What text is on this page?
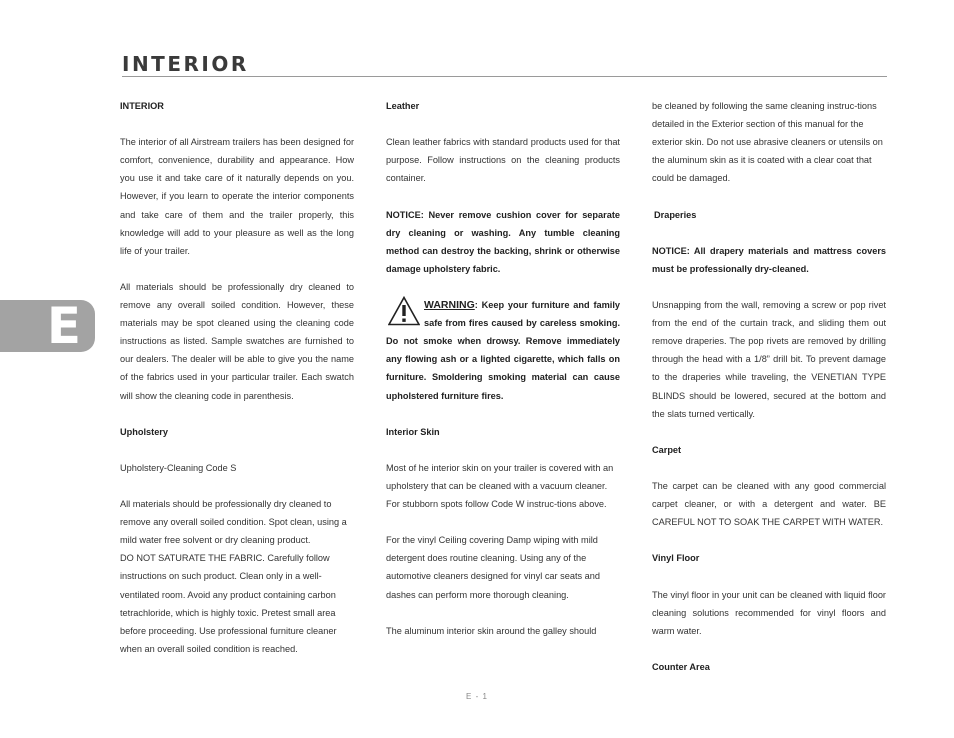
INTERIOR
E

INTERIOR

The interior of all Airstream trailers has been designed for comfort, convenience, durability and appearance. How you use it and take care of it naturally depends on you. However, if you learn to operate the interior components and take care of them and the trailer properly, this knowledge will add to your pleasure as well as the long life of your trailer.

All materials should be professionally dry cleaned to remove any overall soiled condition. However, these materials may be spot cleaned using the cleaning code instructions as listed. Sample swatches are furnished to our dealers. The dealer will be able to give you the name of the fabrics used in your particular trailer. Each swatch will show the cleaning code in parenthesis.

Upholstery

Upholstery-Cleaning Code S

All materials should be professionally dry cleaned to remove any overall soiled condition. Spot clean, using a mild water free solvent or dry cleaning product.

DO NOT SATURATE THE FABRIC. Carefully follow instructions on such product. Clean only in a well-ventilated room. Avoid any product containing carbon tetrachloride, which is highly toxic. Pretest small area before proceeding. Use professional furniture cleaner when an overall soiled condition is reached.

Leather

Clean leather fabrics with standard products used for that purpose. Follow instructions on the cleaning products container.

NOTICE: Never remove cushion cover for separate dry cleaning or washing. Any tumble cleaning method can destroy the backing, shrink or otherwise damage upholstery fabric.

WARNING: Keep your furniture and family safe from fires caused by careless smoking. Do not smoke when drowsy. Remove immediately any flowing ash or a lighted cigarette, which falls on furniture. Smoldering smoking material can cause upholstered furniture fires.

Interior Skin

Most of he interior skin on your trailer is covered with an upholstery that can be cleaned with a vacuum cleaner. For stubborn spots follow Code W instruc-tions above.

For the vinyl Ceiling covering Damp wiping with mild detergent does routine cleaning. Using any of the automotive cleaners designed for vinyl car seats and dashes can perform more thorough cleaning.

The aluminum interior skin around the galley should

be cleaned by following the same cleaning instruc-tions detailed in the Exterior section of this manual for the exterior skin. Do not use abrasive cleaners or utensils on the aluminum skin as it is coated with a clear coat that could be damaged.

Draperies

NOTICE: All drapery materials and mattress covers must be professionally dry-cleaned.

Unsnapping from the wall, removing a screw or pop rivet from the end of the curtain track, and sliding them out remove draperies. The pop rivets are removed by drilling through the head with a 1/8” drill bit. To prevent damage to the draperies while traveling, the VENETIAN TYPE BLINDS should be lowered, secured at the bottom and the slats turned vertically.

Carpet

The carpet can be cleaned with any good commercial carpet cleaner, or with a detergent and water. BE CAREFUL NOT TO SOAK THE CARPET WITH WATER.

Vinyl Floor

The vinyl floor in your unit can be cleaned with liquid floor cleaning solutions recommended for vinyl floors and warm water.

Counter Area

E - 1
